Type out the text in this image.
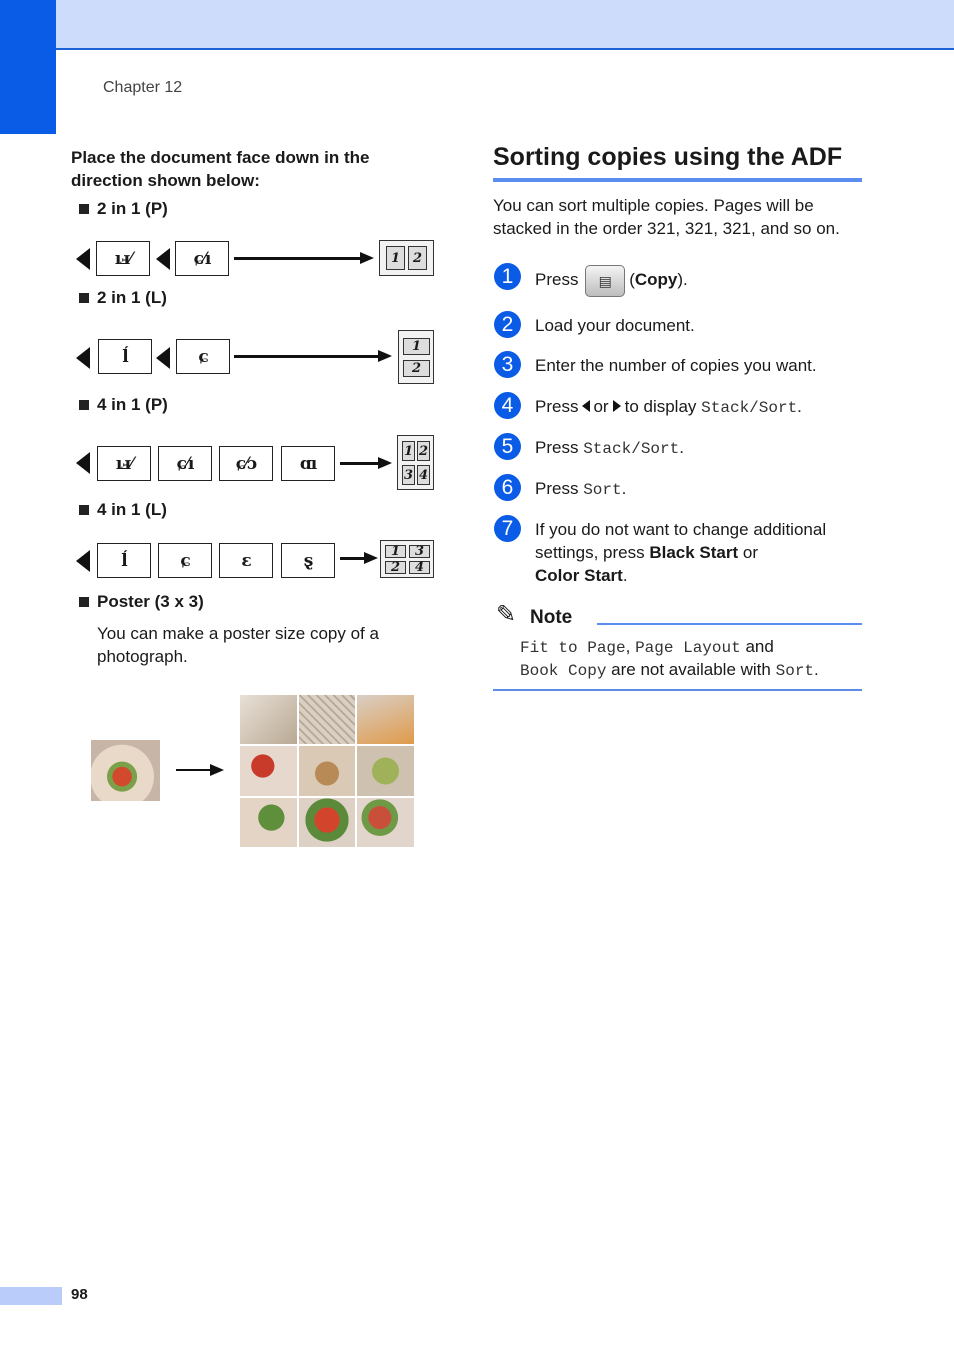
Chapter 12
Place the document face down in the direction shown below:
2 in 1 (P)
ıⅎ⁄	ɕ⁄ı	1 2
2 in 1 (L)
ĺ	ɕ	1
2
4 in 1 (P)
ıⅎ⁄	ɕ⁄ı ɕ⁄ɔ	ɑı
1 2
3 4
4 in 1 (L)
ĺ	ɕ	ɛ	ȿ	1	3
2	4
Poster (3 x 3)
You can make a poster size copy of a photograph.
Sorting copies using the ADF
You can sort multiple copies. Pages will be stacked in the order 321, 321, 321, and so on.
1	Press ▤ (Copy).
2	Load your document.
3	Enter the number of copies you want.
4	Press or to display Stack/Sort.
5	Press Stack/Sort.
6	Press Sort.
7	If you do not want to change additional settings, press Black Start or
Color Start.
✎ Note
Fit to Page, Page Layout and
Book Copy are not available with Sort.
98
